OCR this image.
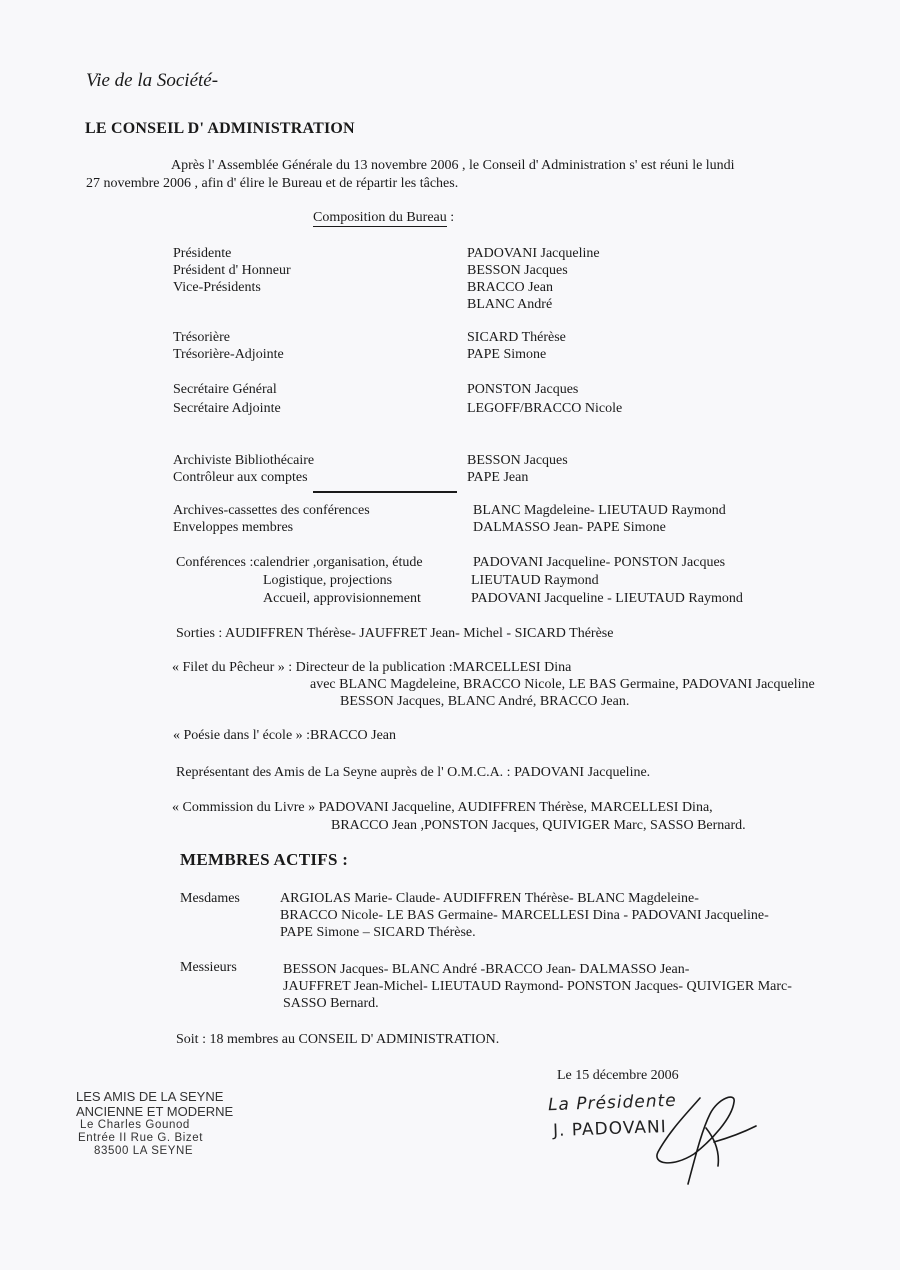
Vie de la Société-
LE CONSEIL D' ADMINISTRATION
Après l' Assemblée Générale du 13 novembre 2006 , le Conseil d' Administration s' est réuni le lundi
27 novembre 2006 , afin d' élire le Bureau et de répartir les tâches.
Composition du Bureau :
Présidente	PADOVANI Jacqueline
Président d' Honneur	BESSON Jacques
Vice-Présidents	BRACCO Jean
BLANC André
Trésorière	SICARD Thérèse
Trésorière-Adjointe	PAPE Simone
Secrétaire Général	PONSTON Jacques
Secrétaire Adjointe	LEGOFF/BRACCO Nicole
Archiviste Bibliothécaire	BESSON Jacques
Contrôleur aux comptes	PAPE Jean
Archives-cassettes des conférences	BLANC Magdeleine- LIEUTAUD Raymond
Enveloppes membres	DALMASSO Jean- PAPE Simone
Conférences :calendrier ,organisation, étude	PADOVANI Jacqueline- PONSTON Jacques
Logistique, projections	LIEUTAUD Raymond
Accueil, approvisionnement	PADOVANI Jacqueline - LIEUTAUD Raymond
Sorties : AUDIFFREN Thérèse- JAUFFRET Jean- Michel - SICARD Thérèse
« Filet du Pêcheur » : Directeur de la publication :MARCELLESI Dina
avec BLANC Magdeleine, BRACCO Nicole, LE BAS Germaine, PADOVANI Jacqueline
BESSON Jacques, BLANC André, BRACCO Jean.
« Poésie dans l' école » :BRACCO Jean
Représentant des Amis de La Seyne auprès de l' O.M.C.A. : PADOVANI Jacqueline.
« Commission du Livre » PADOVANI Jacqueline, AUDIFFREN Thérèse, MARCELLESI Dina,
BRACCO Jean ,PONSTON Jacques, QUIVIGER Marc, SASSO Bernard.
MEMBRES ACTIFS :
Mesdames	ARGIOLAS Marie- Claude- AUDIFFREN Thérèse- BLANC Magdeleine-
BRACCO Nicole- LE BAS Germaine- MARCELLESI Dina - PADOVANI Jacqueline-
PAPE Simone – SICARD Thérèse.
Messieurs	BESSON Jacques- BLANC André -BRACCO Jean- DALMASSO Jean-
JAUFFRET Jean-Michel- LIEUTAUD Raymond- PONSTON Jacques- QUIVIGER Marc-
SASSO Bernard.
Soit : 18 membres au CONSEIL D' ADMINISTRATION.
Le 15 décembre 2006
La Présidente
J. PADOVANI
LES AMIS DE LA SEYNE
ANCIENNE ET MODERNE
Le Charles Gounod
Entrée II Rue G. Bizet
83500 LA SEYNE
